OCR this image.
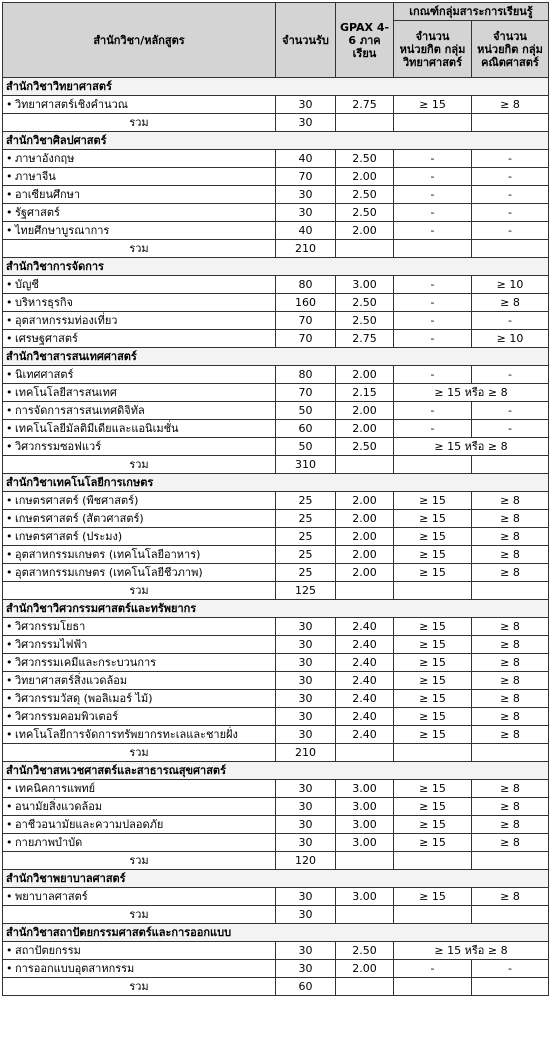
สำนักวิชา/หลักสูตร	จำนวนรับ	GPAX 4-6 ภาคเรียน	เกณฑ์กลุ่มสาระการเรียนรู้	
			จำนวน หน่วยกิต กลุ่ม วิทยาศาสตร์	จำนวน หน่วยกิต กลุ่ม คณิตศาสตร์
สำนักวิชาวิทยาศาสตร์				
• วิทยาศาสตร์เชิงคำนวณ	30	2.75	≥ 15	≥ 8
รวม	30			
สำนักวิชาศิลปศาสตร์				
• ภาษาอังกฤษ	40	2.50	-	-
• ภาษาจีน	70	2.00	-	-
• อาเซียนศึกษา	30	2.50	-	-
• รัฐศาสตร์	30	2.50	-	-
• ไทยศึกษาบูรณาการ	40	2.00	-	-
รวม	210			
สำนักวิชาการจัดการ				
• บัญชี	80	3.00	-	≥ 10
• บริหารธุรกิจ	160	2.50	-	≥ 8
• อุตสาหกรรมท่องเที่ยว	70	2.50	-	-
• เศรษฐศาสตร์	70	2.75	-	≥ 10
สำนักวิชาสารสนเทศศาสตร์				
• นิเทศศาสตร์	80	2.00	-	-
• เทคโนโลยีสารสนเทศ	70	2.15	≥ 15 หรือ ≥ 8	
• การจัดการสารสนเทศดิจิทัล	50	2.00	-	-
• เทคโนโลยีมัลติมีเดียและแอนิเมชั่น	60	2.00	-	-
• วิศวกรรมซอฟแวร์	50	2.50	≥ 15 หรือ ≥ 8	
รวม	310			
สำนักวิชาเทคโนโลยีการเกษตร				
• เกษตรศาสตร์ (พืชศาสตร์)	25	2.00	≥ 15	≥ 8
• เกษตรศาสตร์ (สัตวศาสตร์)	25	2.00	≥ 15	≥ 8
• เกษตรศาสตร์ (ประมง)	25	2.00	≥ 15	≥ 8
• อุตสาหกรรมเกษตร (เทคโนโลยีอาหาร)	25	2.00	≥ 15	≥ 8
• อุตสาหกรรมเกษตร (เทคโนโลยีชีวภาพ)	25	2.00	≥ 15	≥ 8
รวม	125			
สำนักวิชาวิศวกรรมศาสตร์และทรัพยากร				
• วิศวกรรมโยธา	30	2.40	≥ 15	≥ 8
• วิศวกรรมไฟฟ้า	30	2.40	≥ 15	≥ 8
• วิศวกรรมเคมีและกระบวนการ	30	2.40	≥ 15	≥ 8
• วิทยาศาสตร์สิ่งแวดล้อม	30	2.40	≥ 15	≥ 8
• วิศวกรรมวัสดุ (พอลิเมอร์ ไม้)	30	2.40	≥ 15	≥ 8
• วิศวกรรมคอมพิวเตอร์	30	2.40	≥ 15	≥ 8
• เทคโนโลยีการจัดการทรัพยากรทะเลและชายฝั่ง	30	2.40	≥ 15	≥ 8
รวม	210			
สำนักวิชาสหเวชศาสตร์และสาธารณสุขศาสตร์				
• เทคนิคการแพทย์	30	3.00	≥ 15	≥ 8
• อนามัยสิ่งแวดล้อม	30	3.00	≥ 15	≥ 8
• อาชีวอนามัยและความปลอดภัย	30	3.00	≥ 15	≥ 8
• กายภาพบำบัด	30	3.00	≥ 15	≥ 8
รวม	120			
สำนักวิชาพยาบาลศาสตร์				
• พยาบาลศาสตร์	30	3.00	≥ 15	≥ 8
รวม	30			
สำนักวิชาสถาปัตยกรรมศาสตร์และการออกแบบ				
• สถาปัตยกรรม	30	2.50	≥ 15 หรือ ≥ 8	
• การออกแบบอุตสาหกรรม	30	2.00	-	-
รวม	60			
